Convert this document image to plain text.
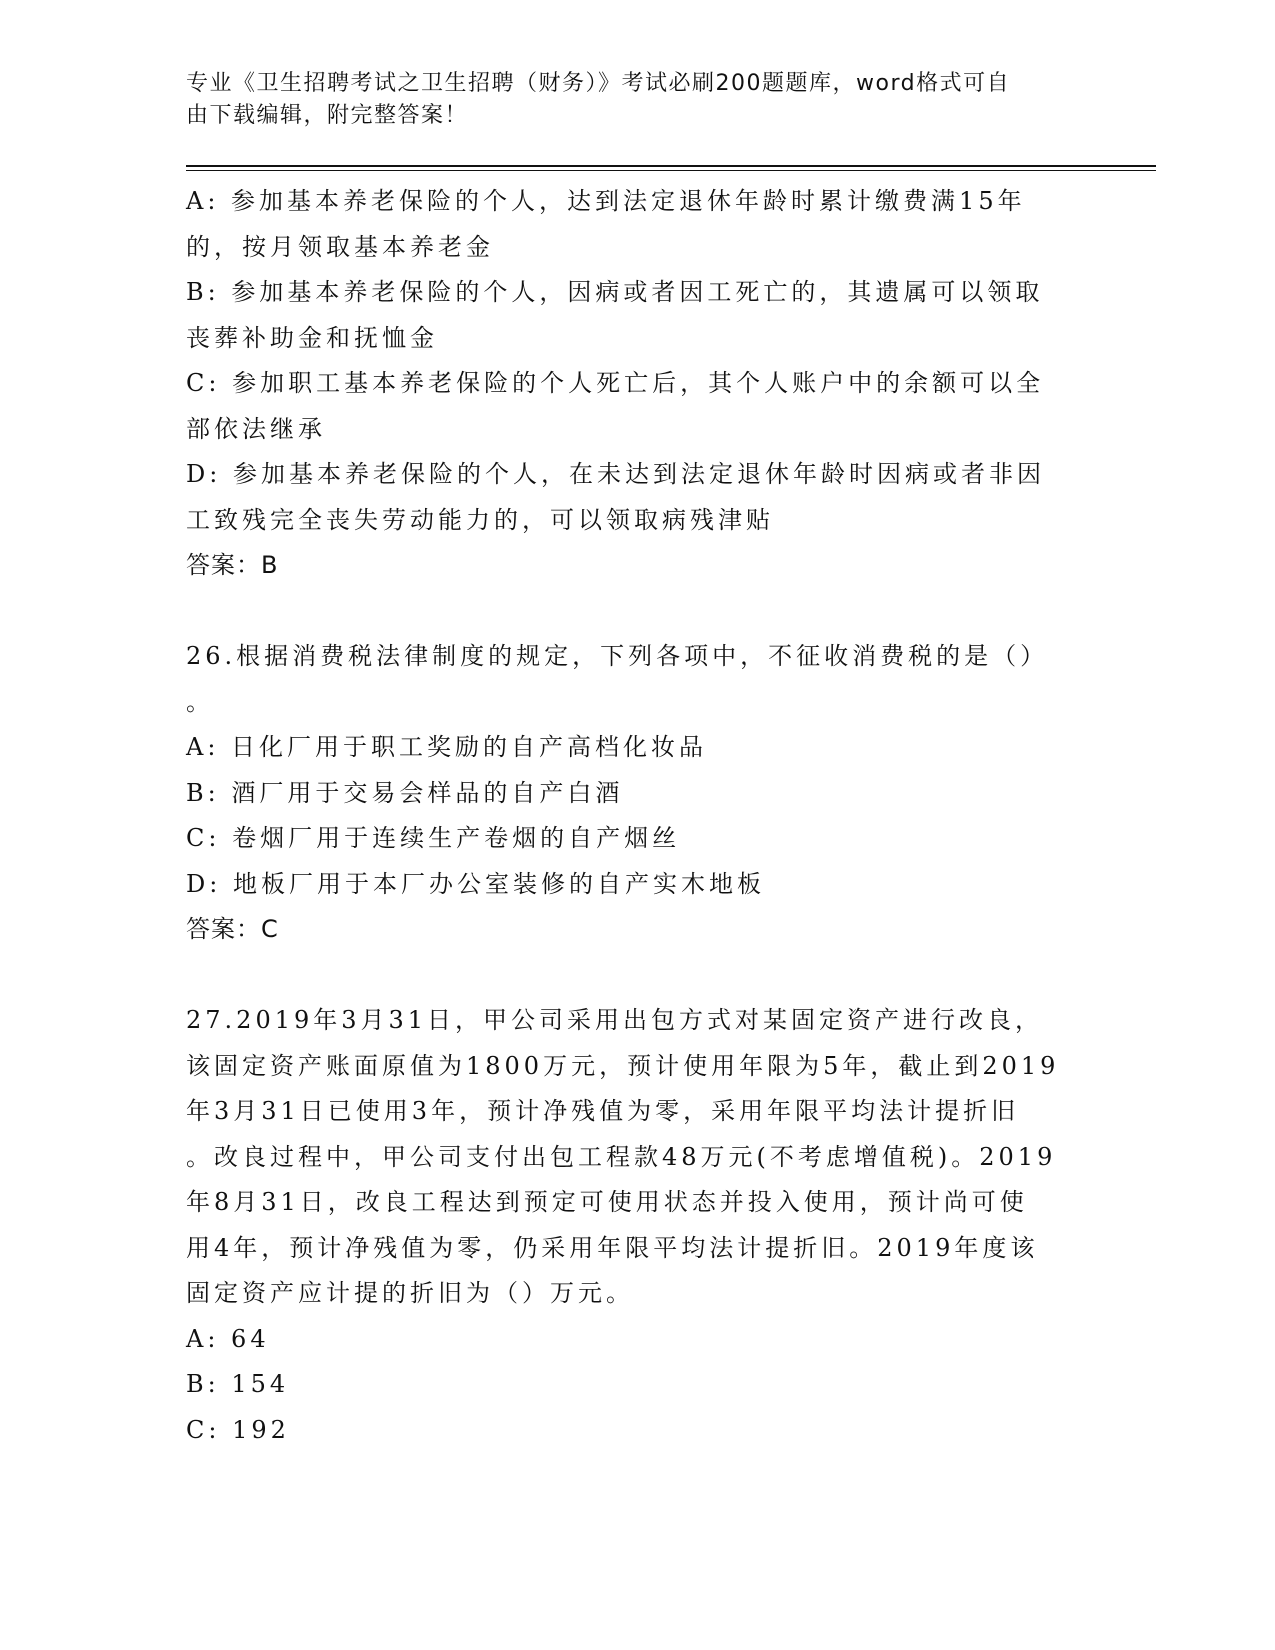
专业《卫生招聘考试之卫生招聘（财务）》考试必刷200题题库，word格式可自
由下载编辑，附完整答案！
A: 参加基本养老保险的个人，达到法定退休年龄时累计缴费满15年
的，按月领取基本养老金
B: 参加基本养老保险的个人，因病或者因工死亡的，其遗属可以领取
丧葬补助金和抚恤金
C: 参加职工基本养老保险的个人死亡后，其个人账户中的余额可以全
部依法继承
D: 参加基本养老保险的个人，在未达到法定退休年龄时因病或者非因
工致残完全丧失劳动能力的，可以领取病残津贴
答案：B
26.根据消费税法律制度的规定，下列各项中，不征收消费税的是（）
。
A: 日化厂用于职工奖励的自产高档化妆品
B: 酒厂用于交易会样品的自产白酒
C: 卷烟厂用于连续生产卷烟的自产烟丝
D: 地板厂用于本厂办公室装修的自产实木地板
答案：C
27.2019年3月31日，甲公司采用出包方式对某固定资产进行改良，
该固定资产账面原值为1800万元，预计使用年限为5年，截止到2019
年3月31日已使用3年，预计净残值为零，采用年限平均法计提折旧
。改良过程中，甲公司支付出包工程款48万元(不考虑增值税)。2019
年8月31日，改良工程达到预定可使用状态并投入使用，预计尚可使
用4年，预计净残值为零，仍采用年限平均法计提折旧。2019年度该
固定资产应计提的折旧为（）万元。
A: 64
B: 154
C: 192
